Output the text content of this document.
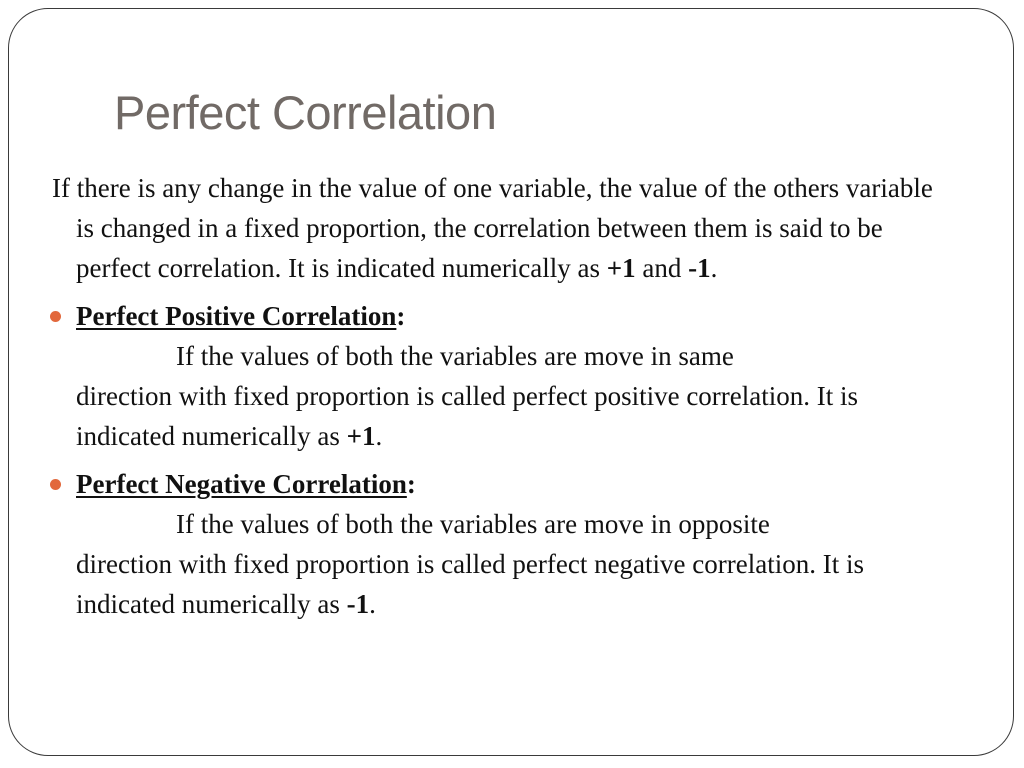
Perfect Correlation

If there is any change in the value of one variable, the value of the others variable is changed in a fixed proportion, the correlation between them is said to be perfect correlation. It is indicated numerically as +1 and -1.

Perfect Positive Correlation:
If the values of both the variables are move in same
direction with fixed proportion is called perfect positive correlation. It is indicated numerically as +1.
Perfect Negative Correlation:
If the values of both the variables are move in opposite
direction with fixed proportion is called perfect negative correlation. It is indicated numerically as -1.
